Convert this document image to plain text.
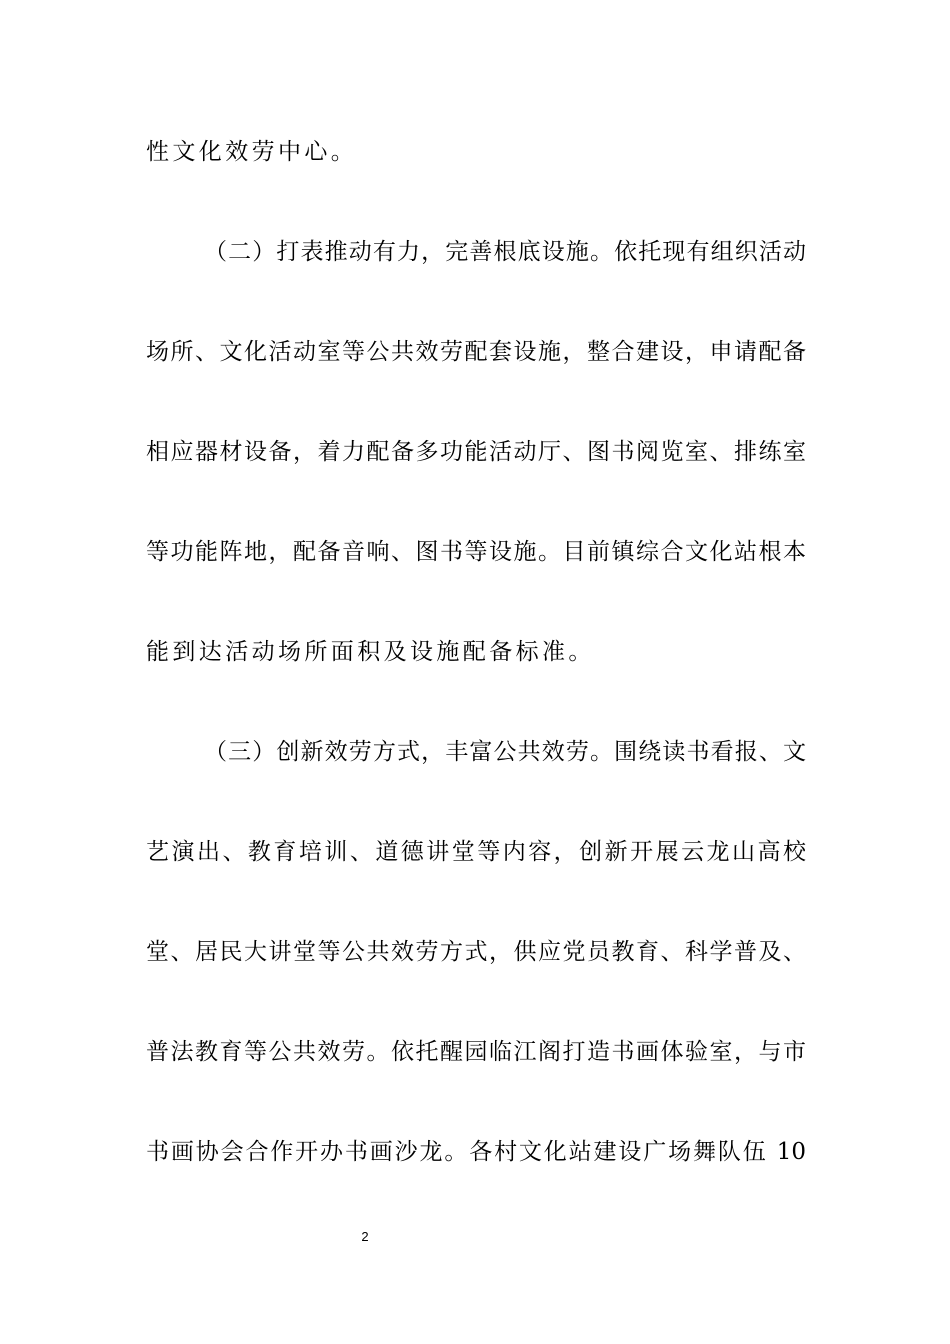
性文化效劳中心。
（二）打表推动有力，完善根底设施。依托现有组织活动
场所、文化活动室等公共效劳配套设施，整合建设，申请配备
相应器材设备，着力配备多功能活动厅、图书阅览室、排练室
等功能阵地，配备音响、图书等设施。目前镇综合文化站根本
能到达活动场所面积及设施配备标准。
（三）创新效劳方式，丰富公共效劳。围绕读书看报、文
艺演出、教育培训、道德讲堂等内容，创新开展云龙山高校
堂、居民大讲堂等公共效劳方式，供应党员教育、科学普及、
普法教育等公共效劳。依托醒园临江阁打造书画体验室，与市
书画协会合作开办书画沙龙。各村文化站建设广场舞队伍 10
2
